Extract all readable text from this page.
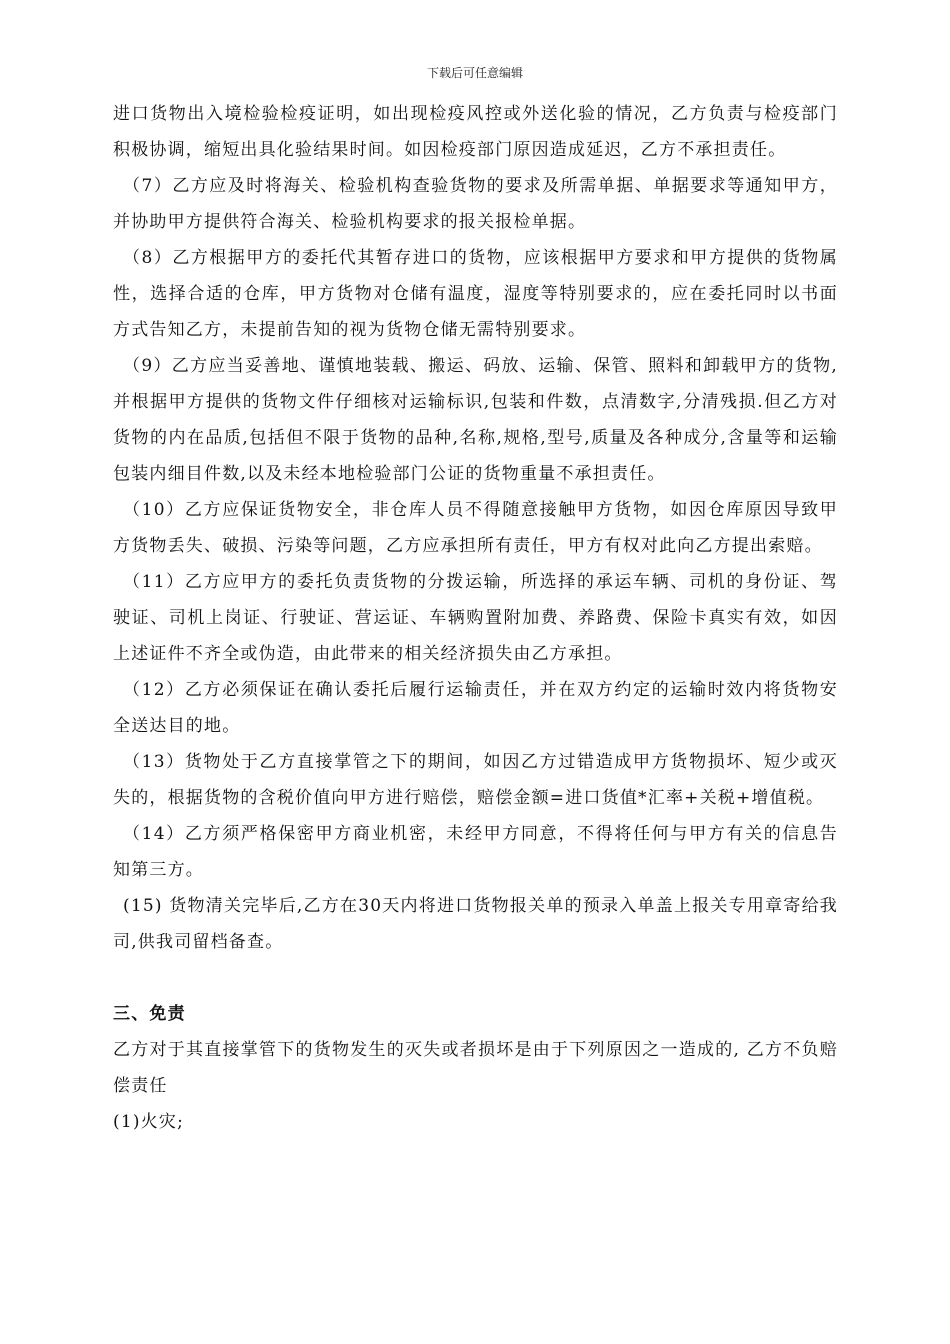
下载后可任意编辑

进口货物出入境检验检疫证明，如出现检疫风控或外送化验的情况，乙方负责与检疫部门积极协调，缩短出具化验结果时间。如因检疫部门原因造成延迟，乙方不承担责任。

（7）乙方应及时将海关、检验机构查验货物的要求及所需单据、单据要求等通知甲方，并协助甲方提供符合海关、检验机构要求的报关报检单据。

（8）乙方根据甲方的委托代其暂存进口的货物，应该根据甲方要求和甲方提供的货物属性，选择合适的仓库，甲方货物对仓储有温度，湿度等特别要求的，应在委托同时以书面方式告知乙方，未提前告知的视为货物仓储无需特别要求。

（9）乙方应当妥善地、谨慎地装载、搬运、码放、运输、保管、照料和卸载甲方的货物,并根据甲方提供的货物文件仔细核对运输标识,包装和件数，点清数字,分清残损.但乙方对货物的内在品质,包括但不限于货物的品种,名称,规格,型号,质量及各种成分,含量等和运输包装内细目件数,以及未经本地检验部门公证的货物重量不承担责任。

（10）乙方应保证货物安全，非仓库人员不得随意接触甲方货物，如因仓库原因导致甲方货物丢失、破损、污染等问题，乙方应承担所有责任，甲方有权对此向乙方提出索赔。

（11）乙方应甲方的委托负责货物的分拨运输，所选择的承运车辆、司机的身份证、驾驶证、司机上岗证、行驶证、营运证、车辆购置附加费、养路费、保险卡真实有效，如因上述证件不齐全或伪造，由此带来的相关经济损失由乙方承担。

（12）乙方必须保证在确认委托后履行运输责任，并在双方约定的运输时效内将货物安全送达目的地。

（13）货物处于乙方直接掌管之下的期间，如因乙方过错造成甲方货物损坏、短少或灭失的，根据货物的含税价值向甲方进行赔偿，赔偿金额=进口货值*汇率+关税+增值税。

（14）乙方须严格保密甲方商业机密，未经甲方同意，不得将任何与甲方有关的信息告知第三方。

(15) 货物清关完毕后,乙方在30天内将进口货物报关单的预录入单盖上报关专用章寄给我司,供我司留档备查。

三、免责

乙方对于其直接掌管下的货物发生的灭失或者损坏是由于下列原因之一造成的, 乙方不负赔偿责任

(1)火灾;
